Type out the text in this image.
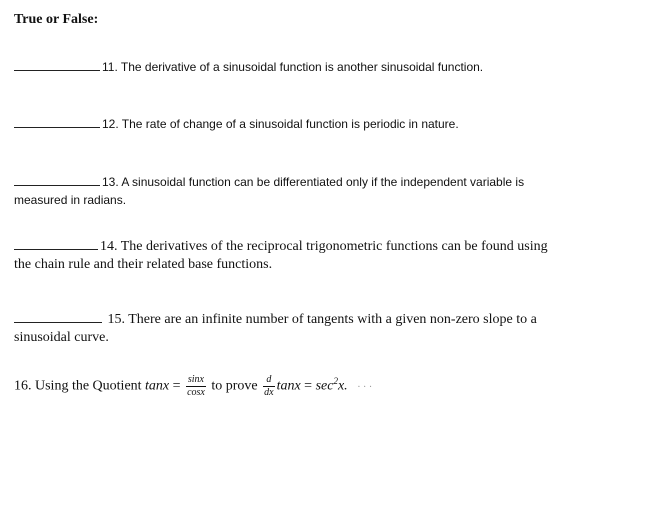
True or False:
11. The derivative of a sinusoidal function is another sinusoidal function.
12. The rate of change of a sinusoidal function is periodic in nature.
13. A sinusoidal function can be differentiated only if the independent variable is
measured in radians.
14. The derivatives of the reciprocal trigonometric functions can be found using
the chain rule and their related base functions.
15. There are an infinite number of tangents with a given non-zero slope to a
sinusoidal curve.
16. Using the Quotient $\tan x = \frac{\sin x}{\cos x}$ to prove $\frac{d}{dx}$ $\tan x = \sec^2x$. · · ·
